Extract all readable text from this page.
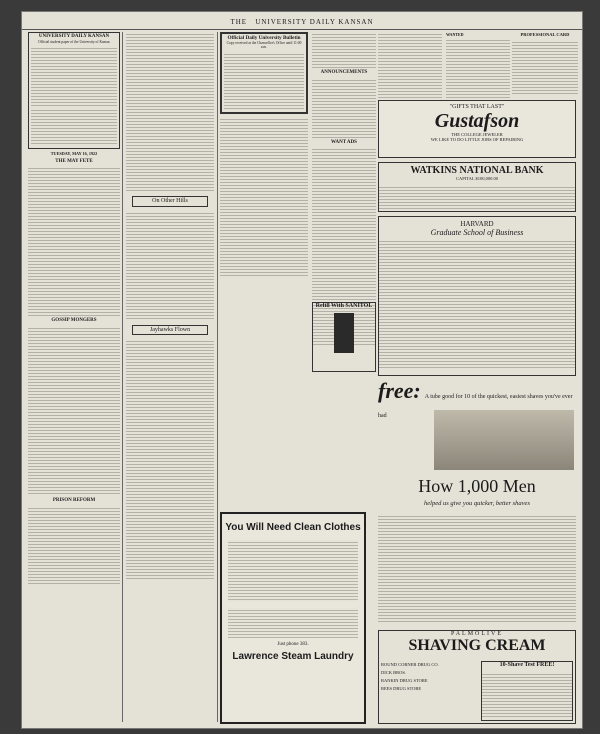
THE UNIVERSITY DAILY KANSAN
UNIVERSITY DAILY KANSAN
Official student paper of the University of Kansas
TUESDAY, MAY 16, 1922
THE MAY FETE
GOSSIP MONGERS
PRISON REFORM
On Other Hills
Jayhawks Flown
Official Daily University Bulletin
Copy received at the Chancellor's Office until 11:00 a.m.
ANNOUNCEMENTS
WANT ADS
You Will Need Clean Clothes
Just phone 383.
Lawrence Steam Laundry
"GIFTS THAT LAST"
Gustafson
THE COLLEGE JEWELER
WE LIKE TO DO LITTLE JOBS OF REPAIRING
WANTED	PROFESSIONAL CARD
WATKINS NATIONAL BANK
CAPITAL $100,000.00
HARVARD
Graduate School of Business
Refill With SANITOL
free: A tube good for 10 of the quickest, easiest shaves you've ever had
How 1,000 Men
helped us give you quicker, better shaves
PALMOLIVE
SHAVING CREAM
ROUND CORNER DRUG CO.
DICK BROS.
RANKIN DRUG STORE
REES DRUG STORE
10-Shave Test FREE!
